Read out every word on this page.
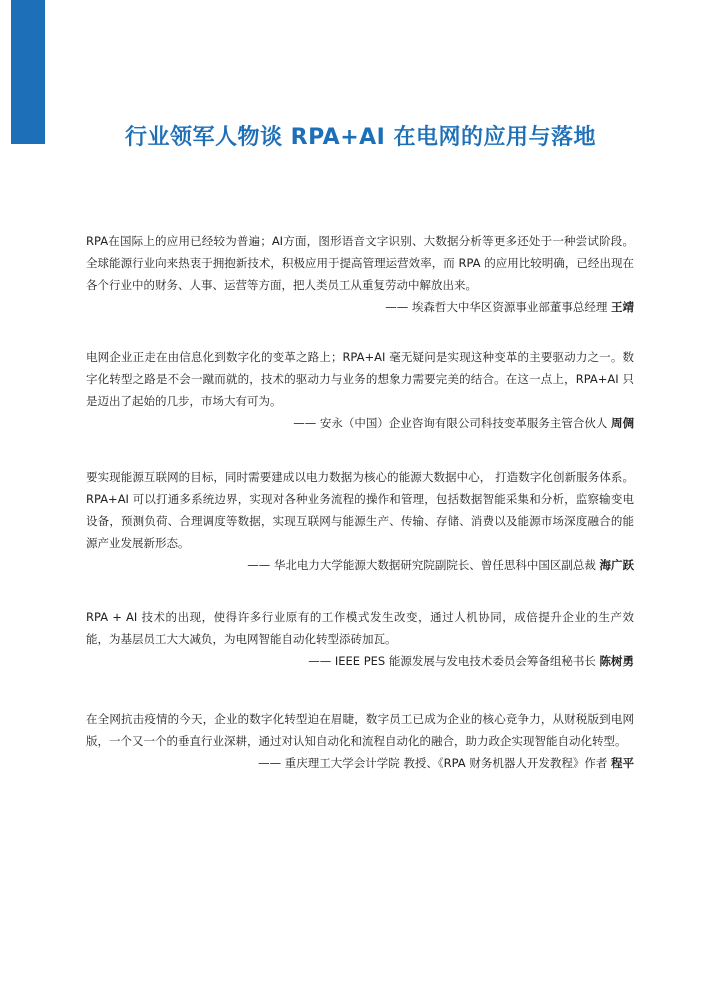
行业领军人物谈 RPA+AI 在电网的应用与落地

RPA在国际上的应用已经较为普遍；AI方面，图形语音文字识别、大数据分析等更多还处于一种尝试阶段。全球能源行业向来热衷于拥抱新技术，积极应用于提高管理运营效率，而 RPA 的应用比较明确，已经出现在各个行业中的财务、人事、运营等方面，把人类员工从重复劳动中解放出来。

—— 埃森哲大中华区资源事业部董事总经理 王靖

电网企业正走在由信息化到数字化的变革之路上；RPA+AI 毫无疑问是实现这种变革的主要驱动力之一。数字化转型之路是不会一蹴而就的，技术的驱动力与业务的想象力需要完美的结合。在这一点上，RPA+AI 只是迈出了起始的几步，市场大有可为。

—— 安永（中国）企业咨询有限公司科技变革服务主管合伙人 周倜

要实现能源互联网的目标，同时需要建成以电力数据为核心的能源大数据中心， 打造数字化创新服务体系。RPA+AI 可以打通多系统边界，实现对各种业务流程的操作和管理，包括数据智能采集和分析，监察输变电设备，预测负荷、合理调度等数据，实现互联网与能源生产、传输、存储、消费以及能源市场深度融合的能源产业发展新形态。

—— 华北电力大学能源大数据研究院副院长、曾任思科中国区副总裁 海广跃

RPA + AI 技术的出现，使得许多行业原有的工作模式发生改变，通过人机协同，成倍提升企业的生产效能，为基层员工大大减负，为电网智能自动化转型添砖加瓦。

—— IEEE PES 能源发展与发电技术委员会筹备组秘书长 陈树勇

在全网抗击疫情的今天，企业的数字化转型迫在眉睫，数字员工已成为企业的核心竞争力，从财税版到电网版，一个又一个的垂直行业深耕，通过对认知自动化和流程自动化的融合，助力政企实现智能自动化转型。

—— 重庆理工大学会计学院 教授、《RPA 财务机器人开发教程》作者 程平
